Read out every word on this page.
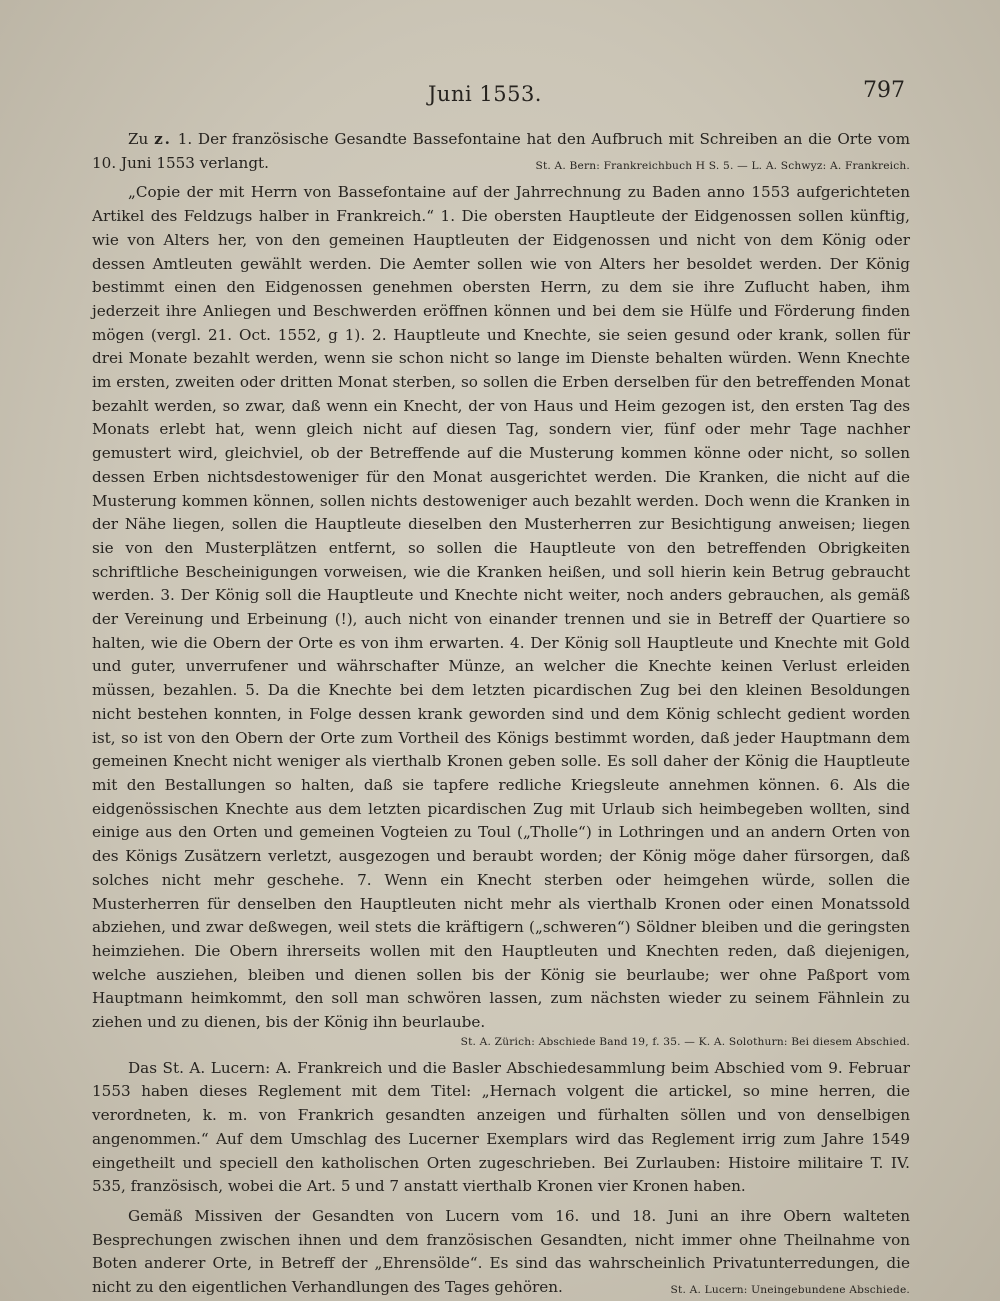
Juni 1553.	797

Zu z. 1. Der französische Gesandte Bassefontaine hat den Aufbruch mit Schreiben an die Orte vom 10. Juni 1553 verlangt.	St. A. Bern: Frankreichbuch H S. 5. — L. A. Schwyz: A. Frankreich.

„Copie der mit Herrn von Bassefontaine auf der Jahrrechnung zu Baden anno 1553 aufgerichteten Artikel des Feldzugs halber in Frankreich.“ 1. Die obersten Hauptleute der Eidgenossen sollen künftig, wie von Alters her, von den gemeinen Hauptleuten der Eidgenossen und nicht von dem König oder dessen Amtleuten gewählt werden. Die Aemter sollen wie von Alters her besoldet werden. Der König bestimmt einen den Eidgenossen genehmen obersten Herrn, zu dem sie ihre Zuflucht haben, ihm jederzeit ihre Anliegen und Beschwerden eröffnen können und bei dem sie Hülfe und Förderung finden mögen (vergl. 21. Oct. 1552, g 1). 2. Hauptleute und Knechte, sie seien gesund oder krank, sollen für drei Monate bezahlt werden, wenn sie schon nicht so lange im Dienste behalten würden. Wenn Knechte im ersten, zweiten oder dritten Monat sterben, so sollen die Erben derselben für den betreffenden Monat bezahlt werden, so zwar, daß wenn ein Knecht, der von Haus und Heim gezogen ist, den ersten Tag des Monats erlebt hat, wenn gleich nicht auf diesen Tag, sondern vier, fünf oder mehr Tage nachher gemustert wird, gleichviel, ob der Betreffende auf die Musterung kommen könne oder nicht, so sollen dessen Erben nichtsdestoweniger für den Monat ausgerichtet werden. Die Kranken, die nicht auf die Musterung kommen können, sollen nichts destoweniger auch bezahlt werden. Doch wenn die Kranken in der Nähe liegen, sollen die Hauptleute dieselben den Musterherren zur Besichtigung anweisen; liegen sie von den Musterplätzen entfernt, so sollen die Hauptleute von den betreffenden Obrigkeiten schriftliche Bescheinigungen vorweisen, wie die Kranken heißen, und soll hierin kein Betrug gebraucht werden. 3. Der König soll die Hauptleute und Knechte nicht weiter, noch anders gebrauchen, als gemäß der Vereinung und Erbeinung (!), auch nicht von einander trennen und sie in Betreff der Quartiere so halten, wie die Obern der Orte es von ihm erwarten. 4. Der König soll Hauptleute und Knechte mit Gold und guter, unverrufener und währschafter Münze, an welcher die Knechte keinen Verlust erleiden müssen, bezahlen. 5. Da die Knechte bei dem letzten picardischen Zug bei den kleinen Besoldungen nicht bestehen konnten, in Folge dessen krank geworden sind und dem König schlecht gedient worden ist, so ist von den Obern der Orte zum Vortheil des Königs bestimmt worden, daß jeder Hauptmann dem gemeinen Knecht nicht weniger als vierthalb Kronen geben solle. Es soll daher der König die Hauptleute mit den Bestallungen so halten, daß sie tapfere redliche Kriegsleute annehmen können. 6. Als die eidgenössischen Knechte aus dem letzten picardischen Zug mit Urlaub sich heimbegeben wollten, sind einige aus den Orten und gemeinen Vogteien zu Toul („Tholle“) in Lothringen und an andern Orten von des Königs Zusätzern verletzt, ausgezogen und beraubt worden; der König möge daher fürsorgen, daß solches nicht mehr geschehe. 7. Wenn ein Knecht sterben oder heimgehen würde, sollen die Musterherren für denselben den Hauptleuten nicht mehr als vierthalb Kronen oder einen Monatssold abziehen, und zwar deßwegen, weil stets die kräftigern („schweren“) Söldner bleiben und die geringsten heimziehen. Die Obern ihrerseits wollen mit den Hauptleuten und Knechten reden, daß diejenigen, welche ausziehen, bleiben und dienen sollen bis der König sie beurlaube; wer ohne Paßport vom Hauptmann heimkommt, den soll man schwören lassen, zum nächsten wieder zu seinem Fähnlein zu ziehen und zu dienen, bis der König ihn beurlaube.

St. A. Zürich: Abschiede Band 19, f. 35. — K. A. Solothurn: Bei diesem Abschied.

Das St. A. Lucern: A. Frankreich und die Basler Abschiedesammlung beim Abschied vom 9. Februar 1553 haben dieses Reglement mit dem Titel: „Hernach volgent die artickel, so mine herren, die verordneten, k. m. von Frankrich gesandten anzeigen und fürhalten söllen und von denselbigen angenommen.“ Auf dem Umschlag des Lucerner Exemplars wird das Reglement irrig zum Jahre 1549 eingetheilt und speciell den katholischen Orten zugeschrieben. Bei Zurlauben: Histoire militaire T. IV. 535, französisch, wobei die Art. 5 und 7 anstatt vierthalb Kronen vier Kronen haben.

Gemäß Missiven der Gesandten von Lucern vom 16. und 18. Juni an ihre Obern walteten Besprechungen zwischen ihnen und dem französischen Gesandten, nicht immer ohne Theilnahme von Boten anderer Orte, in Betreff der „Ehrensölde“. Es sind das wahrscheinlich Privatunterredungen, die nicht zu den eigentlichen Verhandlungen des Tages gehören.	St. A. Lucern: Uneingebundene Abschiede.
